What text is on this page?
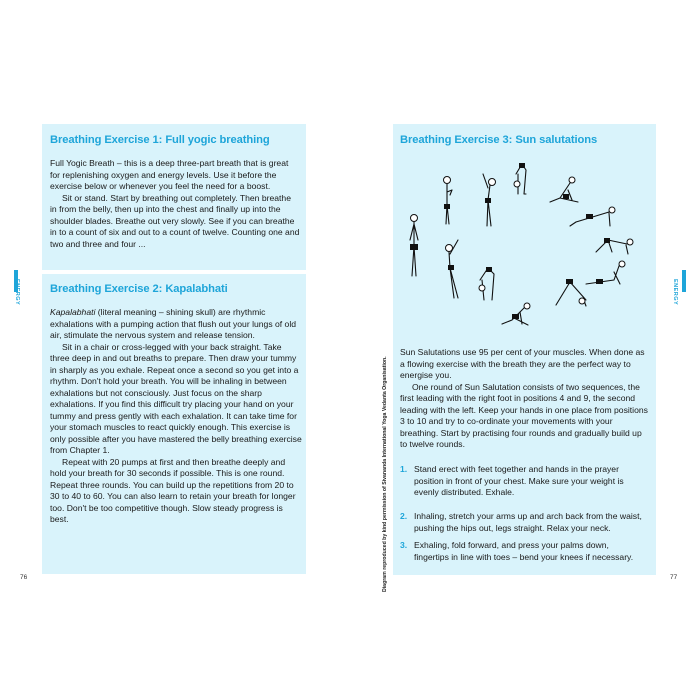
Breathing Exercise 1: Full yogic breathing

Full Yogic Breath – this is a deep three-part breath that is great for replenishing oxygen and energy levels. Use it before the exercise below or whenever you feel the need for a boost.

Sit or stand. Start by breathing out completely. Then breathe in from the belly, then up into the chest and finally up into the shoulder blades. Breathe out very slowly. See if you can breathe in to a count of six and out to a count of twelve. Counting one and two and three and four ...

Breathing Exercise 2: Kapalabhati

Kapalabhati (literal meaning – shining skull) are rhythmic exhalations with a pumping action that flush out your lungs of old air, stimulate the nervous system and release tension.

Sit in a chair or cross-legged with your back straight. Take three deep in and out breaths to prepare. Then draw your tummy in sharply as you exhale. Repeat once a second so you get into a rhythm. Don't hold your breath. You will be inhaling in between exhalations but not consciously. Just focus on the sharp exhalations. If you find this difficult try placing your hand on your tummy and press gently with each exhalation. It can take time for your stomach muscles to react quickly enough. This exercise is only possible after you have mastered the belly breathing exercise from Chapter 1.

Repeat with 20 pumps at first and then breathe deeply and hold your breath for 30 seconds if possible. This is one round. Repeat three rounds. You can build up the repetitions from 20 to 30 to 40 to 60. You can also learn to retain your breath for longer too. Don't be too competitive though. Slow steady progress is best.

ENERGY
76	Diagram reproduced by kind permission of Sivananda International Yoga Vedanta Organisation.
Breathing Exercise 3: Sun salutations

Sun Salutations use 95 per cent of your muscles. When done as a flowing exercise with the breath they are the perfect way to energise you.

One round of Sun Salutation consists of two sequences, the first leading with the right foot in positions 4 and 9, the second leading with the left. Keep your hands in one place from positions 3 to 10 and try to co-ordinate your movements with your breathing. Start by practising four rounds and gradually build up to twelve rounds.

1. Stand erect with feet together and hands in the prayer position in front of your chest. Make sure your weight is evenly distributed. Exhale.
2. Inhaling, stretch your arms up and arch back from the waist, pushing the hips out, legs straight. Relax your neck.
3. Exhaling, fold forward, and press your palms down, fingertips in line with toes – bend your knees if necessary.
ENERGY
77
